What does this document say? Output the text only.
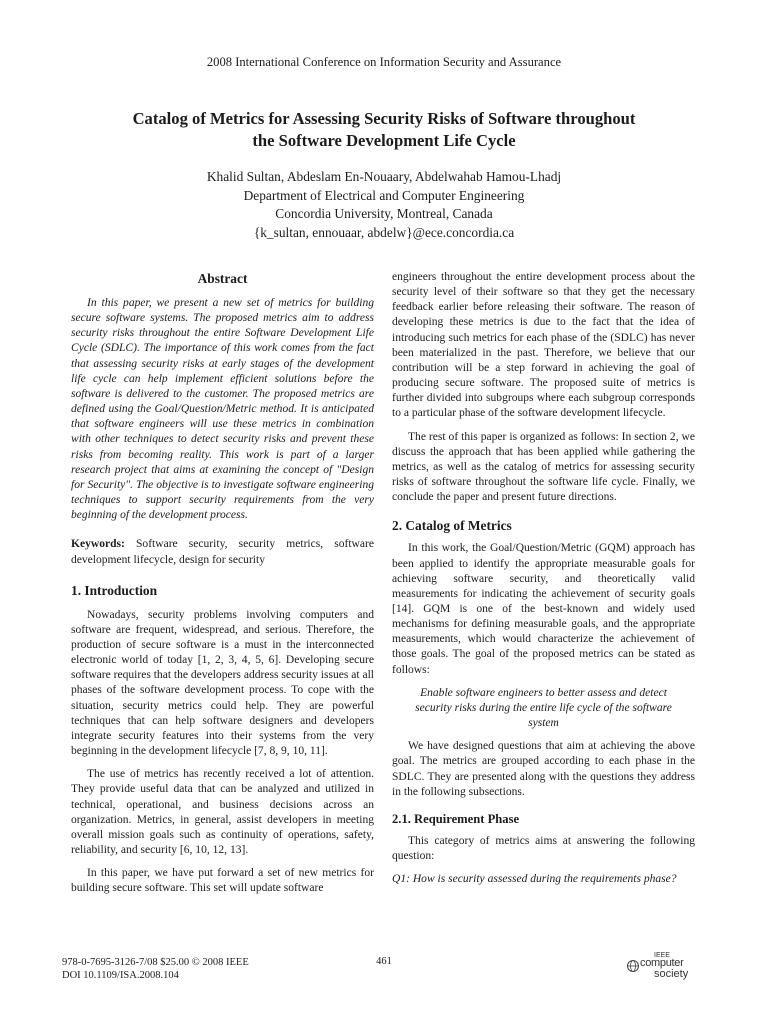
2008 International Conference on Information Security and Assurance
Catalog of Metrics for Assessing Security Risks of Software throughout
the Software Development Life Cycle
Khalid Sultan, Abdeslam En-Nouaary, Abdelwahab Hamou-Lhadj
Department of Electrical and Computer Engineering
Concordia University, Montreal, Canada
{k_sultan, ennouaar, abdelw}@ece.concordia.ca
Abstract

In this paper, we present a new set of metrics for building secure software systems. The proposed metrics aim to address security risks throughout the entire Software Development Life Cycle (SDLC). The importance of this work comes from the fact that assessing security risks at early stages of the development life cycle can help implement efficient solutions before the software is delivered to the customer. The proposed metrics are defined using the Goal/Question/Metric method. It is anticipated that software engineers will use these metrics in combination with other techniques to detect security risks and prevent these risks from becoming reality. This work is part of a larger research project that aims at examining the concept of "Design for Security". The objective is to investigate software engineering techniques to support security requirements from the very beginning of the development process.

Keywords: Software security, security metrics, software development lifecycle, design for security

1. Introduction

Nowadays, security problems involving computers and software are frequent, widespread, and serious. Therefore, the production of secure software is a must in the interconnected electronic world of today [1, 2, 3, 4, 5, 6]. Developing secure software requires that the developers address security issues at all phases of the software development process. To cope with the situation, security metrics could help. They are powerful techniques that can help software designers and developers integrate security features into their systems from the very beginning in the development lifecycle [7, 8, 9, 10, 11].

The use of metrics has recently received a lot of attention. They provide useful data that can be analyzed and utilized in technical, operational, and business decisions across an organization. Metrics, in general, assist developers in meeting overall mission goals such as continuity of operations, safety, reliability, and security [6, 10, 12, 13].

In this paper, we have put forward a set of new metrics for building secure software. This set will update software

engineers throughout the entire development process about the security level of their software so that they get the necessary feedback earlier before releasing their software. The reason of developing these metrics is due to the fact that the idea of introducing such metrics for each phase of the (SDLC) has never been materialized in the past. Therefore, we believe that our contribution will be a step forward in achieving the goal of producing secure software. The proposed suite of metrics is further divided into subgroups where each subgroup corresponds to a particular phase of the software development lifecycle.

The rest of this paper is organized as follows: In section 2, we discuss the approach that has been applied while gathering the metrics, as well as the catalog of metrics for assessing security risks of software throughout the software life cycle. Finally, we conclude the paper and present future directions.

2. Catalog of Metrics

In this work, the Goal/Question/Metric (GQM) approach has been applied to identify the appropriate measurable goals for achieving software security, and theoretically valid measurements for indicating the achievement of security goals [14]. GQM is one of the best-known and widely used mechanisms for defining measurable goals, and the appropriate measurements, which would characterize the achievement of those goals. The goal of the proposed metrics can be stated as follows:

Enable software engineers to better assess and detect security risks during the entire life cycle of the software system

We have designed questions that aim at achieving the above goal. The metrics are grouped according to each phase in the SDLC. They are presented along with the questions they address in the following subsections.

2.1. Requirement Phase

This category of metrics aims at answering the following question:

Q1: How is security assessed during the requirements phase?

978-0-7695-3126-7/08 $25.00 © 2008 IEEE
DOI 10.1109/ISA.2008.104
461
IEEE
computer
society
